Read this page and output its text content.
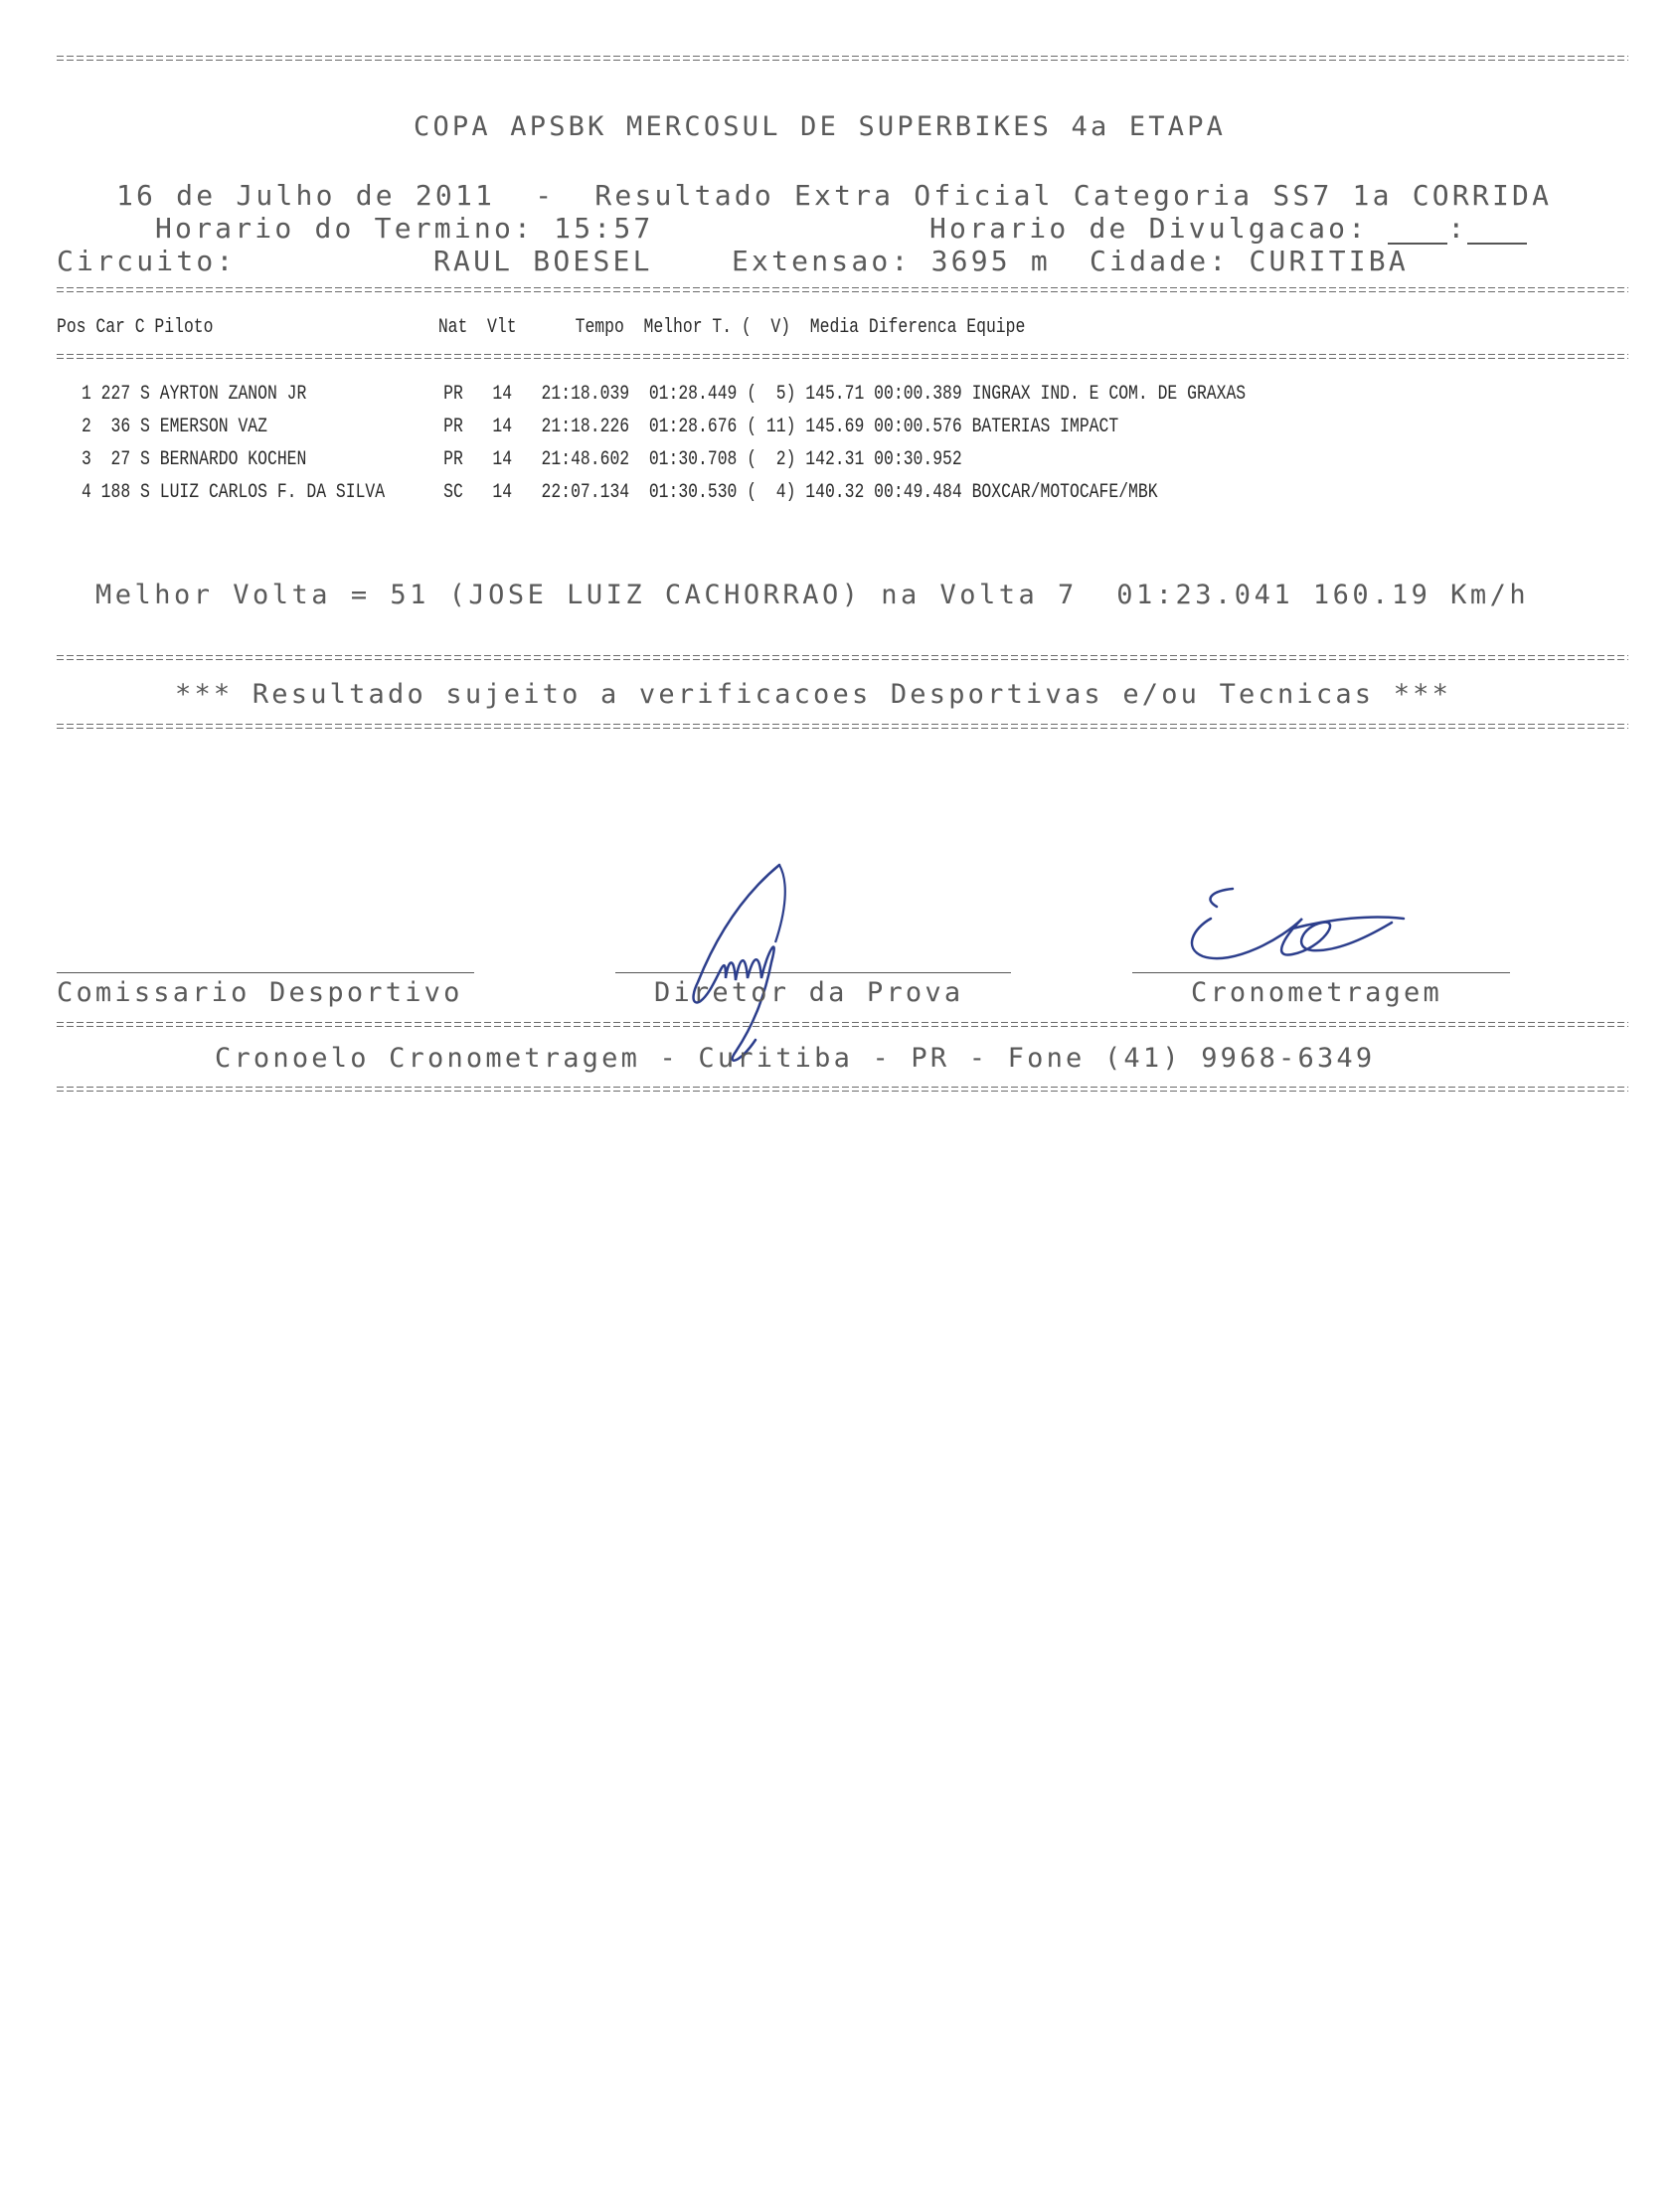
COPA APSBK MERCOSUL DE SUPERBIKES 4a ETAPA
16 de Julho de 2011  -  Resultado Extra Oficial Categoria SS7 1a CORRIDA
Horario do Termino: 15:57	Horario de Divulgacao: :
Circuito:	RAUL BOESEL	Extensao: 3695 m Cidade: CURITIBA
Pos Car C Piloto                       Nat  Vlt      Tempo  Melhor T. (  V)  Media Diferenca Equipe
1 227 S AYRTON ZANON JR              PR   14   21:18.039  01:28.449 (  5) 145.71 00:00.389 INGRAX IND. E COM. DE GRAXAS
2  36 S EMERSON VAZ                  PR   14   21:18.226  01:28.676 ( 11) 145.69 00:00.576 BATERIAS IMPACT
3  27 S BERNARDO KOCHEN              PR   14   21:48.602  01:30.708 (  2) 142.31 00:30.952
4 188 S LUIZ CARLOS F. DA SILVA      SC   14   22:07.134  01:30.530 (  4) 140.32 00:49.484 BOXCAR/MOTOCAFE/MBK
Melhor Volta = 51 (JOSE LUIZ CACHORRAO) na Volta 7  01:23.041 160.19 Km/h
*** Resultado sujeito a verificacoes Desportivas e/ou Tecnicas ***
Comissario Desportivo	Diretor da Prova	Cronometragem
Cronoelo Cronometragem - Curitiba - PR - Fone (41) 9968-6349
